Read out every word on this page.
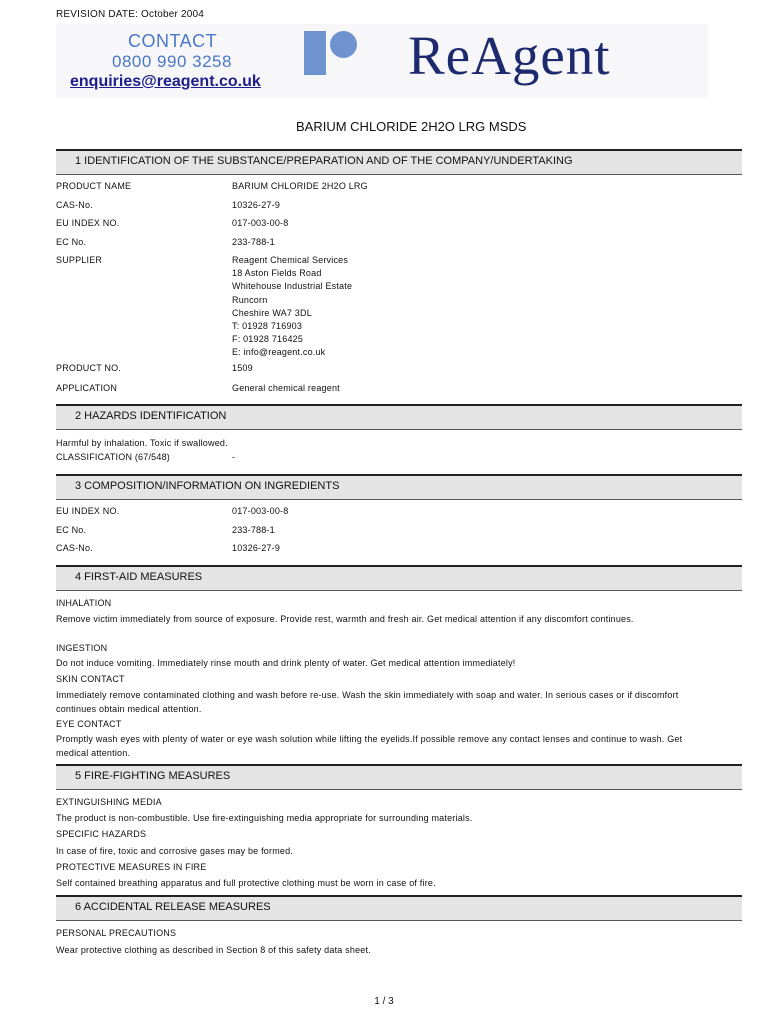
REVISION DATE: October 2004
CONTACT
0800 990 3258
enquiries@reagent.co.uk	ReAgent
BARIUM CHLORIDE 2H2O LRG MSDS
1 IDENTIFICATION OF THE SUBSTANCE/PREPARATION AND OF THE COMPANY/UNDERTAKING
PRODUCT NAME	BARIUM CHLORIDE 2H2O LRG
CAS-No.	10326-27-9
EU INDEX NO.	017-003-00-8
EC No.	233-788-1
SUPPLIER	Reagent Chemical Services
18 Aston Fields Road
Whitehouse Industrial Estate
Runcorn
Cheshire WA7 3DL
T: 01928 716903
F: 01928 716425
E: info@reagent.co.uk
PRODUCT NO.	1509
APPLICATION	General chemical reagent
2 HAZARDS IDENTIFICATION
Harmful by inhalation. Toxic if swallowed.
CLASSIFICATION (67/548)	-
3 COMPOSITION/INFORMATION ON INGREDIENTS
EU INDEX NO.	017-003-00-8
EC No.	233-788-1
CAS-No.	10326-27-9
4 FIRST-AID MEASURES
INHALATION
Remove victim immediately from source of exposure. Provide rest, warmth and fresh air. Get medical attention if any discomfort continues.
INGESTION
Do not induce vomiting. Immediately rinse mouth and drink plenty of water. Get medical attention immediately!
SKIN CONTACT
Immediately remove contaminated clothing and wash before re-use. Wash the skin immediately with soap and water. In serious cases or if discomfort continues obtain medical attention.
EYE CONTACT
Promptly wash eyes with plenty of water or eye wash solution while lifting the eyelids.If possible remove any contact lenses and continue to wash. Get medical attention.
5 FIRE-FIGHTING MEASURES
EXTINGUISHING MEDIA
The product is non-combustible. Use fire-extinguishing media appropriate for surrounding materials.
SPECIFIC HAZARDS
In case of fire, toxic and corrosive gases may be formed.
PROTECTIVE MEASURES IN FIRE
Self contained breathing apparatus and full protective clothing must be worn in case of fire.
6 ACCIDENTAL RELEASE MEASURES
PERSONAL PRECAUTIONS
Wear protective clothing as described in Section 8 of this safety data sheet.
1 / 3
